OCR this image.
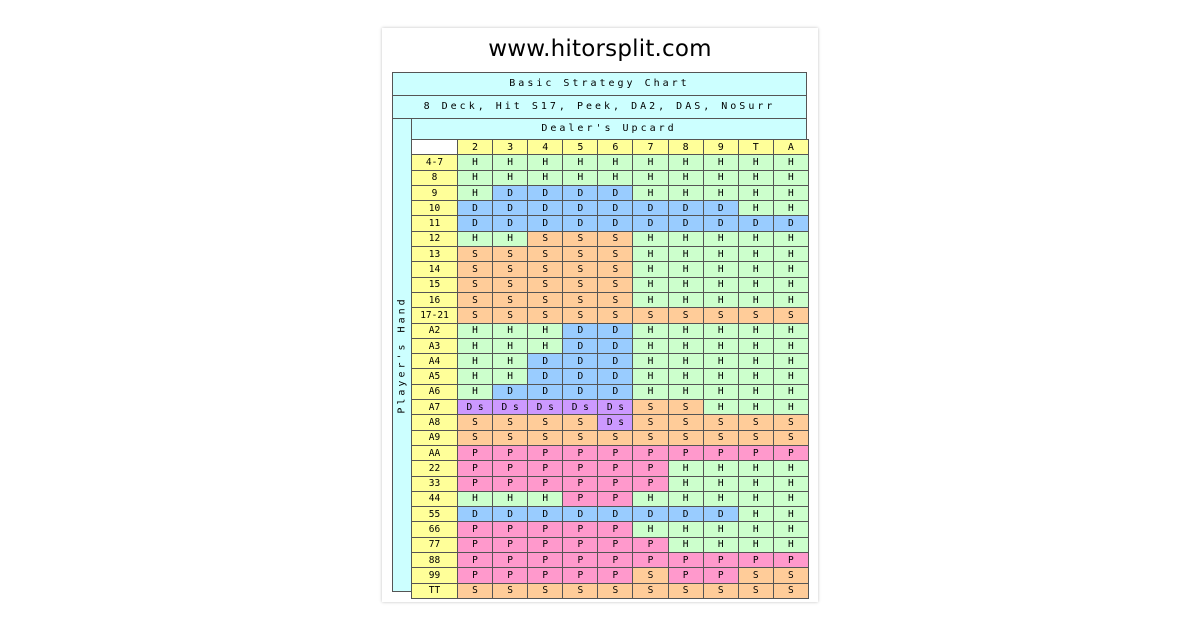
www.hitorsplit.com
Basic Strategy Chart
8 Deck, Hit S17, Peek, DA2, DAS, NoSurr
Player's Hand
Dealer's Upcard
	2	3	4	5	6	7	8	9	T	A
4-7	H	H	H	H	H	H	H	H	H	H
8	H	H	H	H	H	H	H	H	H	H
9	H	D	D	D	D	H	H	H	H	H
10	D	D	D	D	D	D	D	D	H	H
11	D	D	D	D	D	D	D	D	D	D
12	H	H	S	S	S	H	H	H	H	H
13	S	S	S	S	S	H	H	H	H	H
14	S	S	S	S	S	H	H	H	H	H
15	S	S	S	S	S	H	H	H	H	H
16	S	S	S	S	S	H	H	H	H	H
17-21	S	S	S	S	S	S	S	S	S	S
A2	H	H	H	D	D	H	H	H	H	H
A3	H	H	H	D	D	H	H	H	H	H
A4	H	H	D	D	D	H	H	H	H	H
A5	H	H	D	D	D	H	H	H	H	H
A6	H	D	D	D	D	H	H	H	H	H
A7	D s	D s	D s	D s	D s	S	S	H	H	H
A8	S	S	S	S	D s	S	S	S	S	S
A9	S	S	S	S	S	S	S	S	S	S
AA	P	P	P	P	P	P	P	P	P	P
22	P	P	P	P	P	P	H	H	H	H
33	P	P	P	P	P	P	H	H	H	H
44	H	H	H	P	P	H	H	H	H	H
55	D	D	D	D	D	D	D	D	H	H
66	P	P	P	P	P	H	H	H	H	H
77	P	P	P	P	P	P	H	H	H	H
88	P	P	P	P	P	P	P	P	P	P
99	P	P	P	P	P	S	P	P	S	S
TT	S	S	S	S	S	S	S	S	S	S
